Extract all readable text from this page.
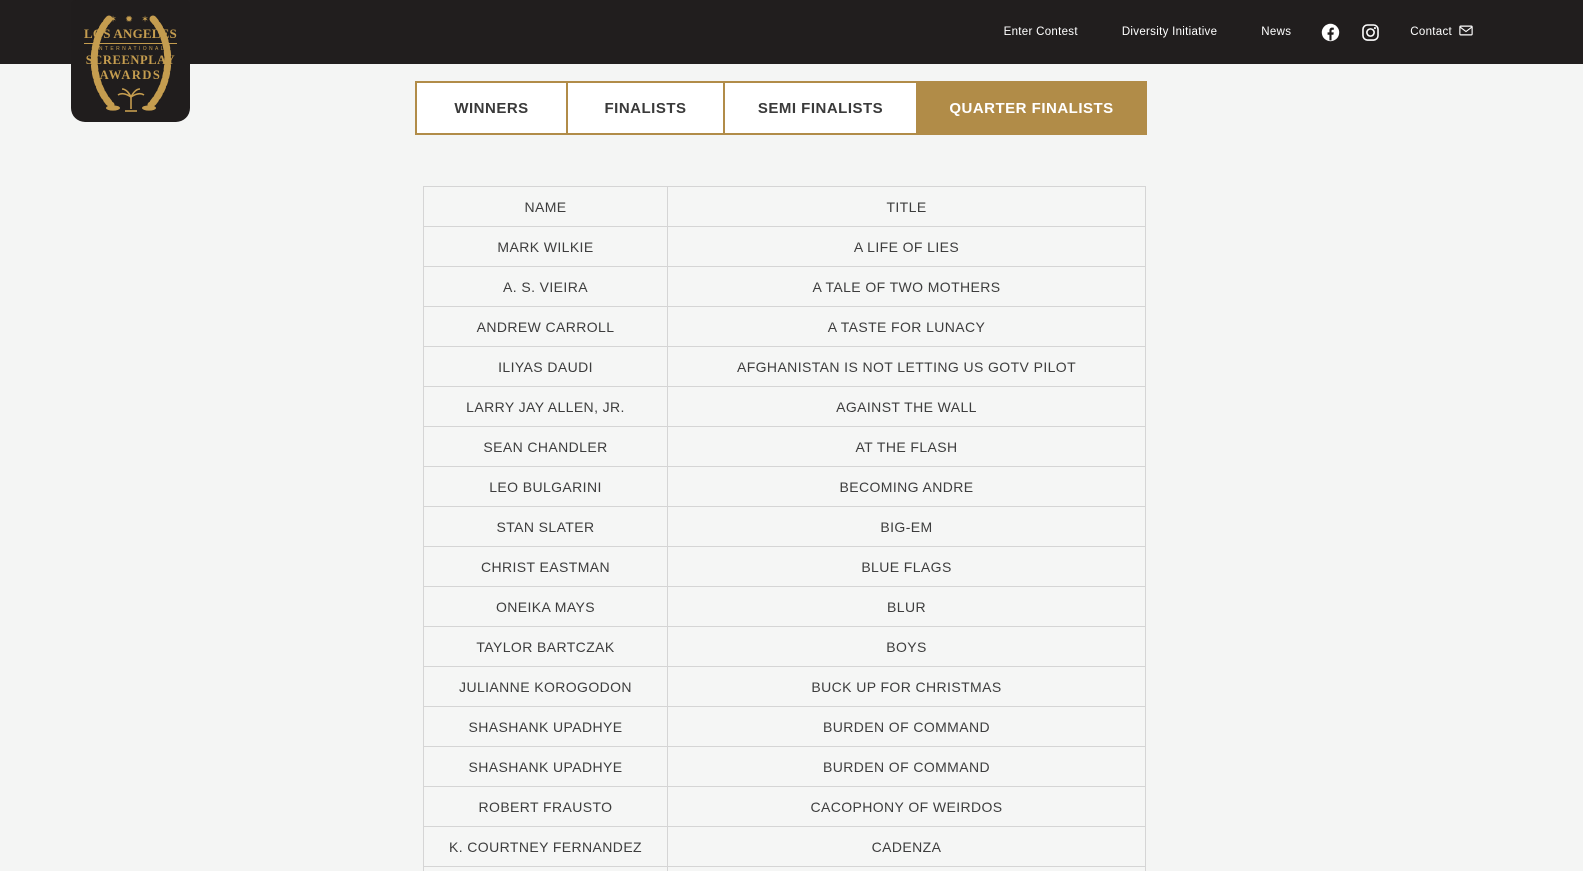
Enter Contest	Diversity Initiative	News	Contact
✶ ✹ ✶
LOS ANGELES
INTERNATIONAL
SCREENPLAY
AWARDS
WINNERS	FINALISTS	SEMI FINALISTS	QUARTER FINALISTS
NAME	TITLE
MARK WILKIE	A LIFE OF LIES
A. S. VIEIRA	A TALE OF TWO MOTHERS
ANDREW CARROLL	A TASTE FOR LUNACY
ILIYAS DAUDI	AFGHANISTAN IS NOT LETTING US GOTV PILOT
LARRY JAY ALLEN, JR.	AGAINST THE WALL
SEAN CHANDLER	AT THE FLASH
LEO BULGARINI	BECOMING ANDRE
STAN SLATER	BIG-EM
CHRIST EASTMAN	BLUE FLAGS
ONEIKA MAYS	BLUR
TAYLOR BARTCZAK	BOYS
JULIANNE KOROGODON	BUCK UP FOR CHRISTMAS
SHASHANK UPADHYE	BURDEN OF COMMAND
SHASHANK UPADHYE	BURDEN OF COMMAND
ROBERT FRAUSTO	CACOPHONY OF WEIRDOS
K. COURTNEY FERNANDEZ	CADENZA
